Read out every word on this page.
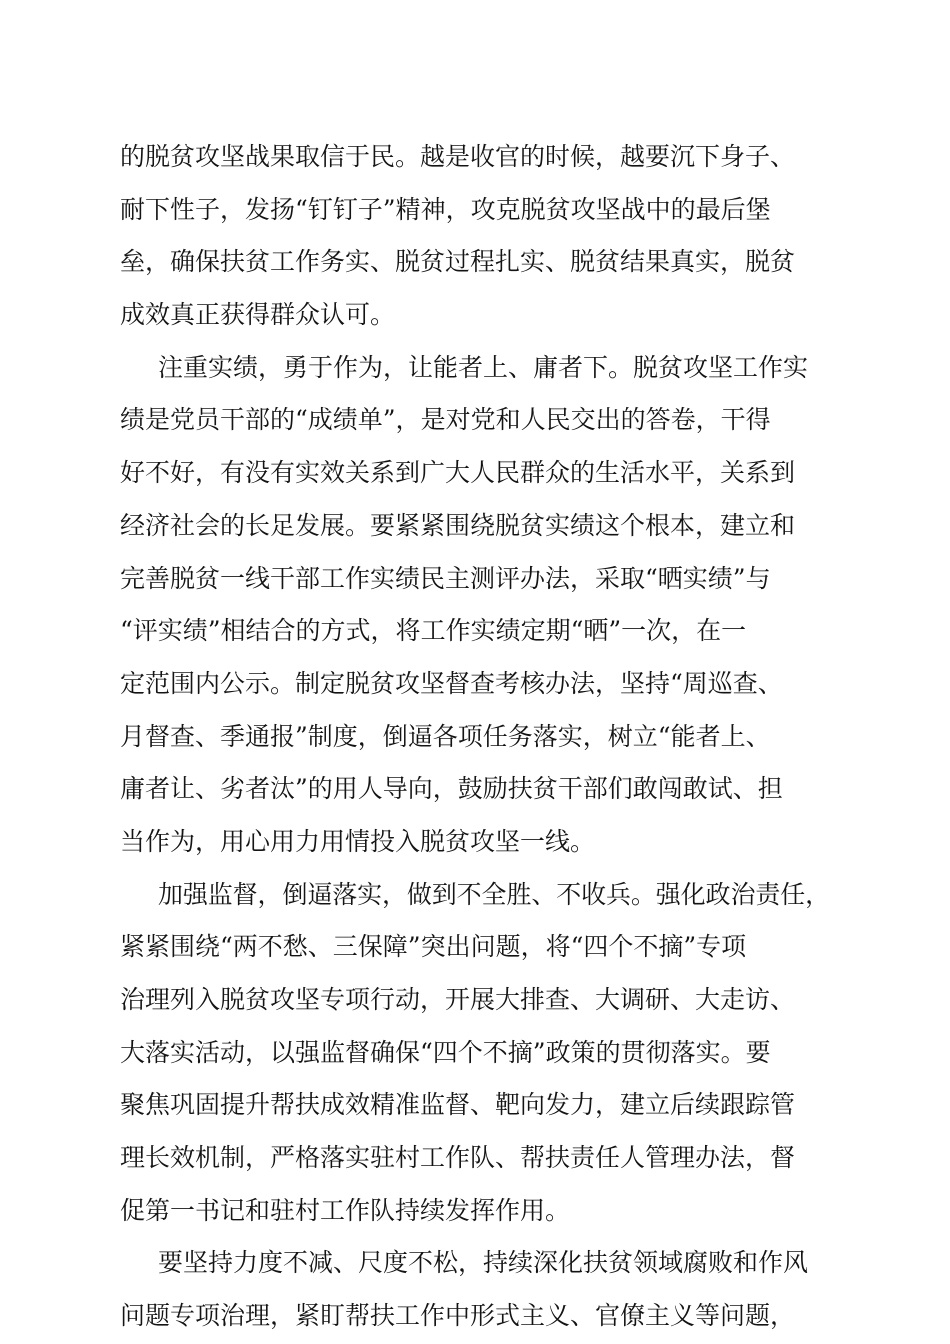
的脱贫攻坚战果取信于民。越是收官的时候，越要沉下身子、
耐下性子，发扬“钉钉子”精神，攻克脱贫攻坚战中的最后堡
垒，确保扶贫工作务实、脱贫过程扎实、脱贫结果真实，脱贫
成效真正获得群众认可。
注重实绩，勇于作为，让能者上、庸者下。脱贫攻坚工作实
绩是党员干部的“成绩单”，是对党和人民交出的答卷，干得
好不好，有没有实效关系到广大人民群众的生活水平，关系到
经济社会的长足发展。要紧紧围绕脱贫实绩这个根本，建立和
完善脱贫一线干部工作实绩民主测评办法，采取“晒实绩”与
“评实绩”相结合的方式，将工作实绩定期“晒”一次，在一
定范围内公示。制定脱贫攻坚督查考核办法，坚持“周巡查、
月督查、季通报”制度，倒逼各项任务落实，树立“能者上、
庸者让、劣者汰”的用人导向，鼓励扶贫干部们敢闯敢试、担
当作为，用心用力用情投入脱贫攻坚一线。
加强监督，倒逼落实，做到不全胜、不收兵。强化政治责任，
紧紧围绕“两不愁、三保障”突出问题，将“四个不摘”专项
治理列入脱贫攻坚专项行动，开展大排查、大调研、大走访、
大落实活动，以强监督确保“四个不摘”政策的贯彻落实。要
聚焦巩固提升帮扶成效精准监督、靶向发力，建立后续跟踪管
理长效机制，严格落实驻村工作队、帮扶责任人管理办法，督
促第一书记和驻村工作队持续发挥作用。
要坚持力度不减、尺度不松，持续深化扶贫领域腐败和作风
问题专项治理，紧盯帮扶工作中形式主义、官僚主义等问题，
